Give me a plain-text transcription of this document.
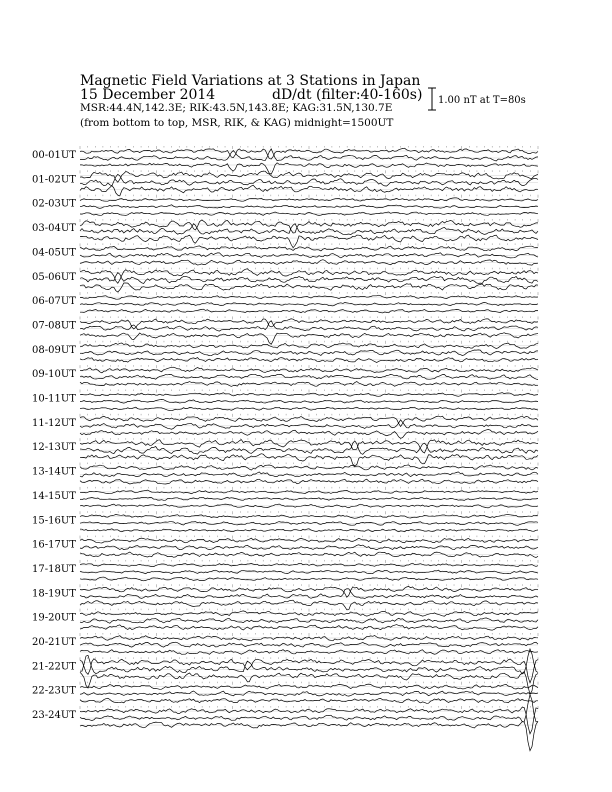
Magnetic Field Variations at 3 Stations in Japan
15 December 2014	dD/dt (filter:40-160s)
MSR:44.4N,142.3E; RIK:43.5N,143.8E; KAG:31.5N,130.7E
(from bottom to top, MSR, RIK, & KAG) midnight=1500UT
1.00 nT at T=80s
00-01UT
01-02UT
02-03UT
03-04UT
04-05UT
05-06UT
06-07UT
07-08UT
08-09UT
09-10UT
10-11UT
11-12UT
12-13UT
13-14UT
14-15UT
15-16UT
16-17UT
17-18UT
18-19UT
19-20UT
20-21UT
21-22UT
22-23UT
23-24UT
